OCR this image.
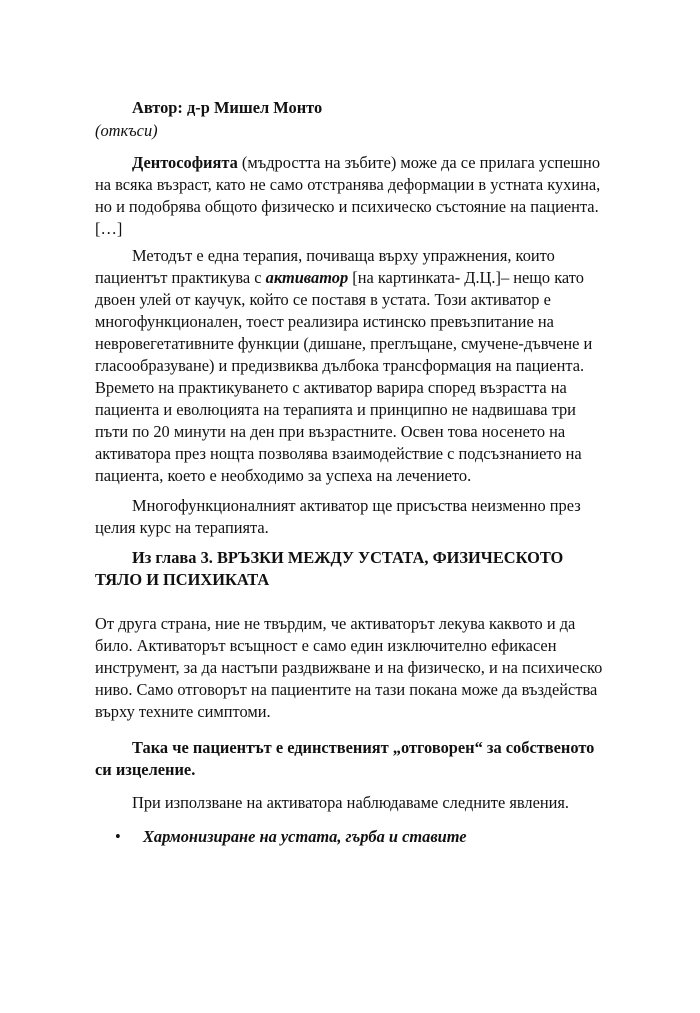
Автор: д-р Мишел Монто

(откъси)

Дентософията (мъдростта на зъбите) може да се прилага успешно на всяка възраст, като не само отстранява деформации в устната кухина, но и подобрява общото физическо и психическо състояние на пациента. […]

Методът е една терапия, почиваща върху упражнения, които пациентът практикува с активатор [на картинката- Д.Ц.]– нещо като двоен улей от каучук, който се поставя в устата. Този активатор е многофункционален, тоест реализира истинско превъзпитание на невровегетативните функции (дишане, преглъщане, смучене-дъвчене и гласообразуване) и предизвиква дълбока трансформация на пациента. Времето на практикуването с активатор варира според възрастта на пациента и еволюцията на терапията и принципно не надвишава три пъти по 20 минути на ден при възрастните. Освен това носенето на активатора през нощта позволява взаимодействие с подсъзнанието на пациента, което е необходимо за успеха на лечението.

Многофункционалният активатор ще присъства неизменно през целия курс на терапията.

Из глава 3. ВРЪЗКИ МЕЖДУ УСТАТА, ФИЗИЧЕСКОТО ТЯЛО И ПСИХИКАТА

От друга страна, ние не твърдим, че активаторът лекува каквото и да било. Активаторът всъщност е само един изключително ефикасен инструмент, за да настъпи раздвижване и на физическо, и на психическо ниво. Само отговорът на пациентите на тази покана може да въздейства върху техните симптоми.

Така че пациентът е единственият „отговорен“ за собственото си изцеление.

При използване на активатора наблюдаваме следните явления.

•	Хармонизиране на устата, гърба и ставите
